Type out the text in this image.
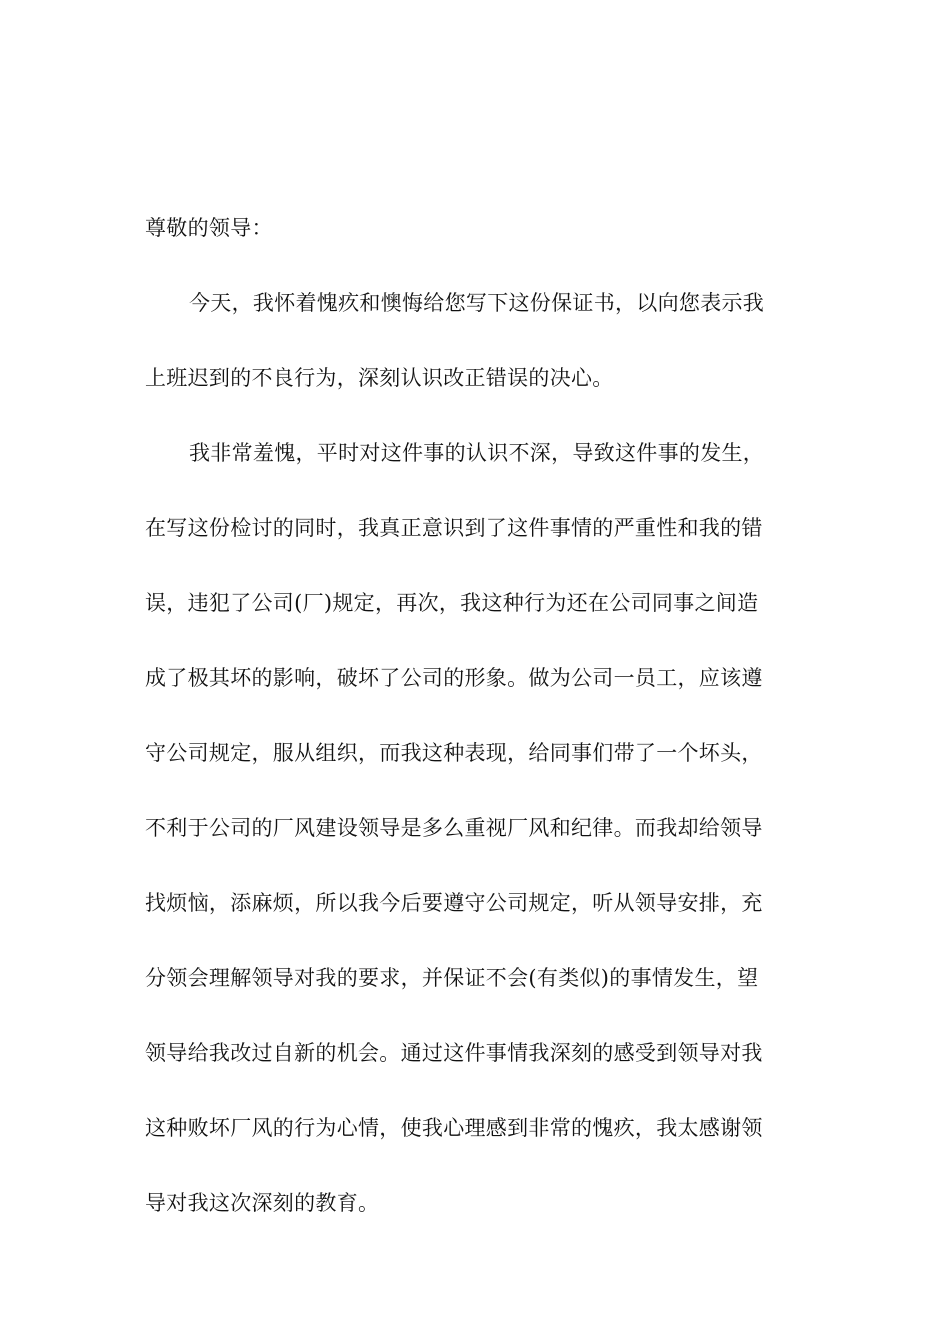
尊敬的领导：
今天，我怀着愧疚和懊悔给您写下这份保证书，以向您表示我
上班迟到的不良行为，深刻认识改正错误的决心。
我非常羞愧，平时对这件事的认识不深，导致这件事的发生，
在写这份检讨的同时，我真正意识到了这件事情的严重性和我的错
误，违犯了公司(厂)规定，再次，我这种行为还在公司同事之间造
成了极其坏的影响，破坏了公司的形象。做为公司一员工，应该遵
守公司规定，服从组织，而我这种表现，给同事们带了一个坏头，
不利于公司的厂风建设领导是多么重视厂风和纪律。而我却给领导
找烦恼，添麻烦，所以我今后要遵守公司规定，听从领导安排，充
分领会理解领导对我的要求，并保证不会(有类似)的事情发生，望
领导给我改过自新的机会。通过这件事情我深刻的感受到领导对我
这种败坏厂风的行为心情，使我心理感到非常的愧疚，我太感谢领
导对我这次深刻的教育。
